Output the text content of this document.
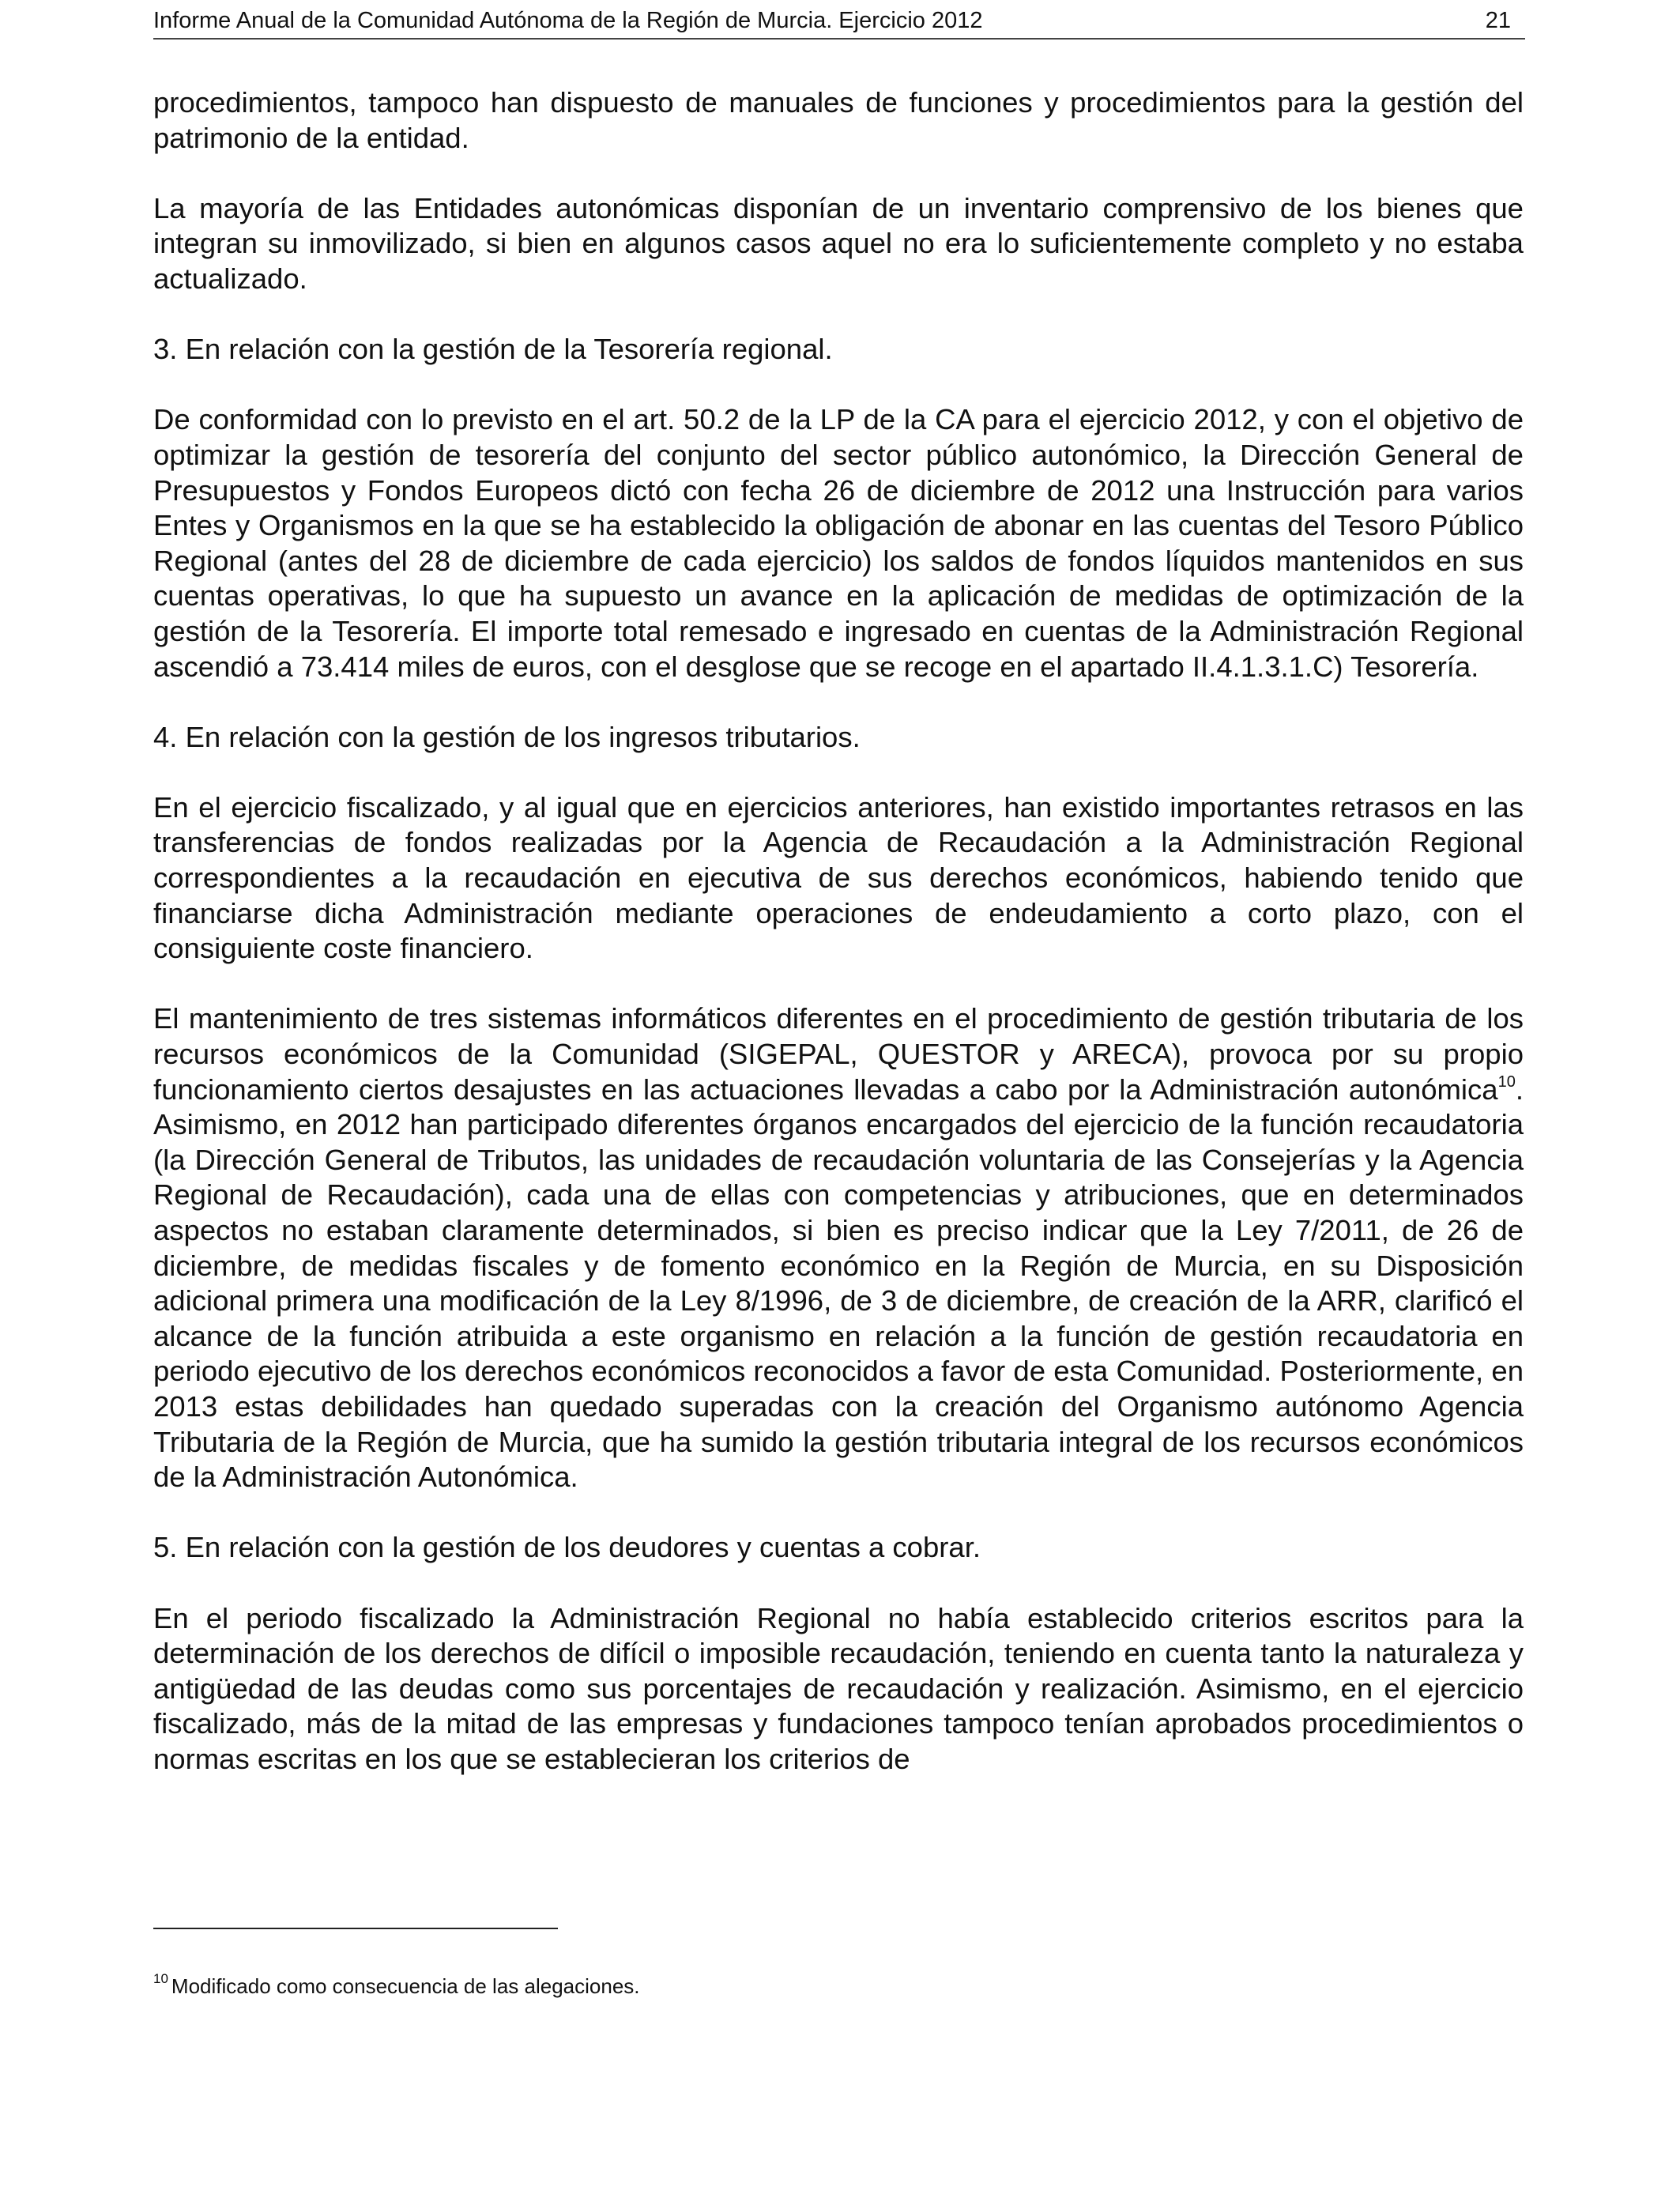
Informe Anual de la Comunidad Autónoma de la Región de Murcia. Ejercicio 2012	21

procedimientos, tampoco han dispuesto de manuales de funciones y procedimientos para la gestión del patrimonio de la entidad.

La mayoría de las Entidades autonómicas disponían de un inventario comprensivo de los bienes que integran su inmovilizado, si bien en algunos casos aquel no era lo suficientemente completo y no estaba actualizado.

3. En relación con la gestión de la Tesorería regional.

De conformidad con lo previsto en el art. 50.2 de la LP de la CA para el ejercicio 2012, y con el objetivo de optimizar la gestión de tesorería del conjunto del sector público autonómico, la Dirección General de Presupuestos y Fondos Europeos dictó con fecha 26 de diciembre de 2012 una Instrucción para varios Entes y Organismos en la que se ha establecido la obligación de abonar en las cuentas del Tesoro Público Regional (antes del 28 de diciembre de cada ejercicio) los saldos de fondos líquidos mantenidos en sus cuentas operativas, lo que ha supuesto un avance en la aplicación de medidas de optimización de la gestión de la Tesorería. El importe total remesado e ingresado en cuentas de la Administración Regional ascendió a 73.414 miles de euros, con el desglose que se recoge en el apartado II.4.1.3.1.C) Tesorería.

4. En relación con la gestión de los ingresos tributarios.

En el ejercicio fiscalizado, y al igual que en ejercicios anteriores, han existido importantes retrasos en las transferencias de fondos realizadas por la Agencia de Recaudación a la Administración Regional correspondientes a la recaudación en ejecutiva de sus derechos económicos, habiendo tenido que financiarse dicha Administración mediante operaciones de endeudamiento a corto plazo, con el consiguiente coste financiero.

El mantenimiento de tres sistemas informáticos diferentes en el procedimiento de gestión tributaria de los recursos económicos de la Comunidad (SIGEPAL, QUESTOR y ARECA), provoca por su propio funcionamiento ciertos desajustes en las actuaciones llevadas a cabo por la Administración autonómica$^{10}$. Asimismo, en 2012 han participado diferentes órganos encargados del ejercicio de la función recaudatoria (la Dirección General de Tributos, las unidades de recaudación voluntaria de las Consejerías y la Agencia Regional de Recaudación), cada una de ellas con competencias y atribuciones, que en determinados aspectos no estaban claramente determinados, si bien es preciso indicar que la Ley 7/2011, de 26 de diciembre, de medidas fiscales y de fomento económico en la Región de Murcia, en su Disposición adicional primera una modificación de la Ley 8/1996, de 3 de diciembre, de creación de la ARR, clarificó el alcance de la función atribuida a este organismo en relación a la función de gestión recaudatoria en periodo ejecutivo de los derechos económicos reconocidos a favor de esta Comunidad. Posteriormente, en 2013 estas debilidades han quedado superadas con la creación del Organismo autónomo Agencia Tributaria de la Región de Murcia, que ha sumido la gestión tributaria integral de los recursos económicos de la Administración Autonómica.

5. En relación con la gestión de los deudores y cuentas a cobrar.

En el periodo fiscalizado la Administración Regional no había establecido criterios escritos para la determinación de los derechos de difícil o imposible recaudación, teniendo en cuenta tanto la naturaleza y antigüedad de las deudas como sus porcentajes de recaudación y realización. Asimismo, en el ejercicio fiscalizado, más de la mitad de las empresas y fundaciones tampoco tenían aprobados procedimientos o normas escritas en los que se establecieran los criterios de

$^{10}$ Modificado como consecuencia de las alegaciones.
